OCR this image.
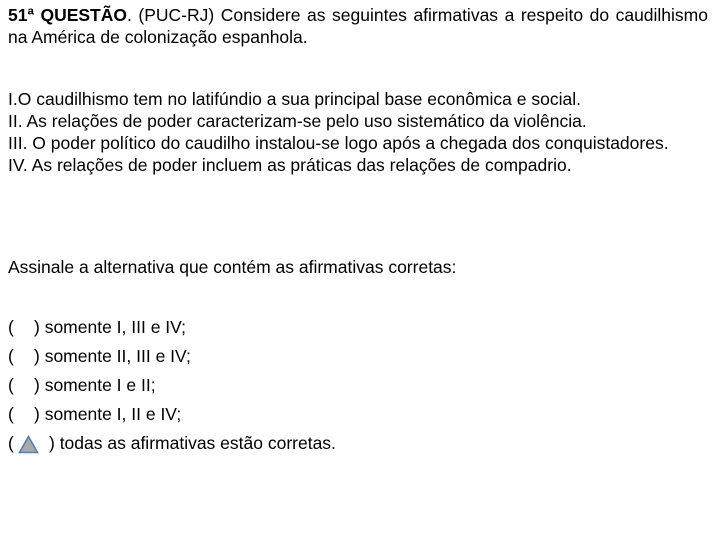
51ª QUESTÃO. (PUC-RJ) Considere as seguintes afirmativas a respeito do caudilhismo na América de colonização espanhola.
I.O caudilhismo tem no latifúndio a sua principal base econômica e social.
II. As relações de poder caracterizam-se pelo uso sistemático da violência.
III. O poder político do caudilho instalou-se logo após a chegada dos conquistadores.
IV. As relações de poder incluem as práticas das relações de compadrio.
Assinale a alternativa que contém as afirmativas corretas:
( ) somente I, III e IV;
( ) somente II, III e IV;
( ) somente I e II;
( ) somente I, II e IV;
( ) todas as afirmativas estão corretas.
